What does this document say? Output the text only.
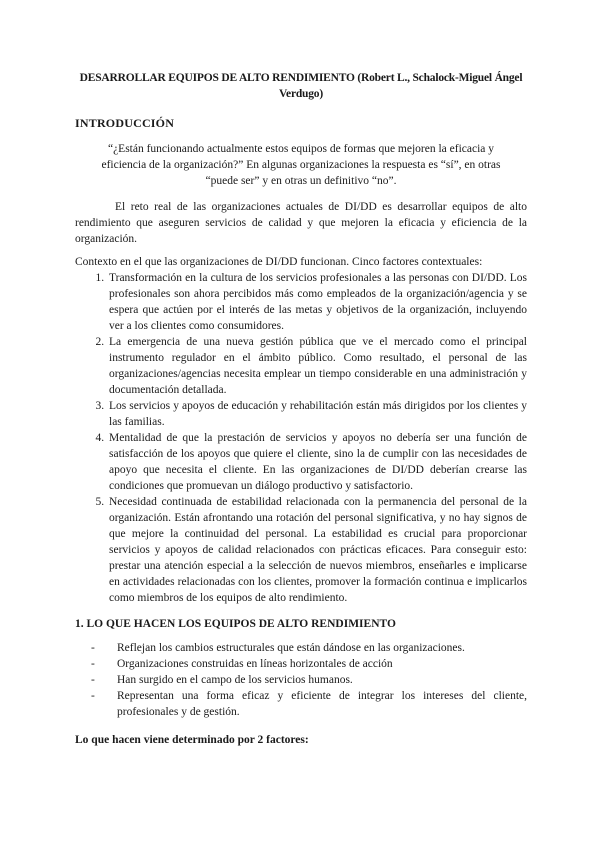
DESARROLLAR EQUIPOS DE ALTO RENDIMIENTO (Robert L., Schalock-Miguel Ángel Verdugo)

INTRODUCCIÓN

“¿Están funcionando actualmente estos equipos de formas que mejoren la eficacia y eficiencia de la organización?” En algunas organizaciones la respuesta es “sí”, en otras “puede ser” y en otras un definitivo “no”.

El reto real de las organizaciones actuales de DI/DD es desarrollar equipos de alto rendimiento que aseguren servicios de calidad y que mejoren la eficacia y eficiencia de la organización.

Contexto en el que las organizaciones de DI/DD funcionan. Cinco factores contextuales:

1. Transformación en la cultura de los servicios profesionales a las personas con DI/DD. Los profesionales son ahora percibidos más como empleados de la organización/agencia y se espera que actúen por el interés de las metas y objetivos de la organización, incluyendo ver a los clientes como consumidores.
2. La emergencia de una nueva gestión pública que ve el mercado como el principal instrumento regulador en el ámbito público. Como resultado, el personal de las organizaciones/agencias necesita emplear un tiempo considerable en una administración y documentación detallada.
3. Los servicios y apoyos de educación y rehabilitación están más dirigidos por los clientes y las familias.
4. Mentalidad de que la prestación de servicios y apoyos no debería ser una función de satisfacción de los apoyos que quiere el cliente, sino la de cumplir con las necesidades de apoyo que necesita el cliente. En las organizaciones de DI/DD deberían crearse las condiciones que promuevan un diálogo productivo y satisfactorio.
5. Necesidad continuada de estabilidad relacionada con la permanencia del personal de la organización. Están afrontando una rotación del personal significativa, y no hay signos de que mejore la continuidad del personal. La estabilidad es crucial para proporcionar servicios y apoyos de calidad relacionados con prácticas eficaces. Para conseguir esto: prestar una atención especial a la selección de nuevos miembros, enseñarles e implicarse en actividades relacionadas con los clientes, promover la formación continua e implicarlos como miembros de los equipos de alto rendimiento.

1. LO QUE HACEN LOS EQUIPOS DE ALTO RENDIMIENTO

- Reflejan los cambios estructurales que están dándose en las organizaciones.
- Organizaciones construidas en líneas horizontales de acción
- Han surgido en el campo de los servicios humanos.
- Representan una forma eficaz y eficiente de integrar los intereses del cliente, profesionales y de gestión.

Lo que hacen viene determinado por 2 factores:
